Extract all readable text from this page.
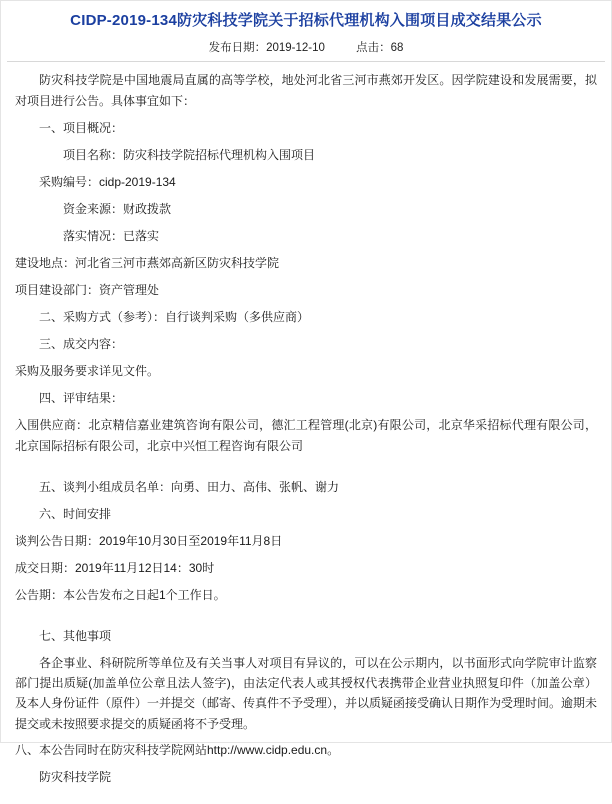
CIDP-2019-134防灾科技学院关于招标代理机构入围项目成交结果公示
发布日期：2019-12-10	点击：68

防灾科技学院是中国地震局直属的高等学校，地处河北省三河市燕郊开发区。因学院建设和发展需要，拟对项目进行公告。具体事宜如下：

一、项目概况：

项目名称：防灾科技学院招标代理机构入围项目

采购编号：cidp-2019-134

资金来源：财政拨款

落实情况：已落实

建设地点：河北省三河市燕郊高新区防灾科技学院

项目建设部门：资产管理处

二、采购方式（参考）：自行谈判采购（多供应商）

三、成交内容：

采购及服务要求详见文件。

四、评审结果：

入围供应商：北京精信嘉业建筑咨询有限公司，德汇工程管理(北京)有限公司，北京华采招标代理有限公司，北京国际招标有限公司，北京中兴恒工程咨询有限公司

五、谈判小组成员名单：向勇、田力、高伟、张帆、谢力

六、时间安排

谈判公告日期：2019年10月30日至2019年11月8日

成交日期：2019年11月12日14：30时

公告期：本公告发布之日起1个工作日。

七、其他事项

各企事业、科研院所等单位及有关当事人对项目有异议的，可以在公示期内，以书面形式向学院审计监察部门提出质疑(加盖单位公章且法人签字)，由法定代表人或其授权代表携带企业营业执照复印件（加盖公章）及本人身份证件（原件）一并提交（邮寄、传真件不予受理），并以质疑函接受确认日期作为受理时间。逾期未提交或未按照要求提交的质疑函将不予受理。

八、本公告同时在防灾科技学院网站http://www.cidp.edu.cn。

防灾科技学院
